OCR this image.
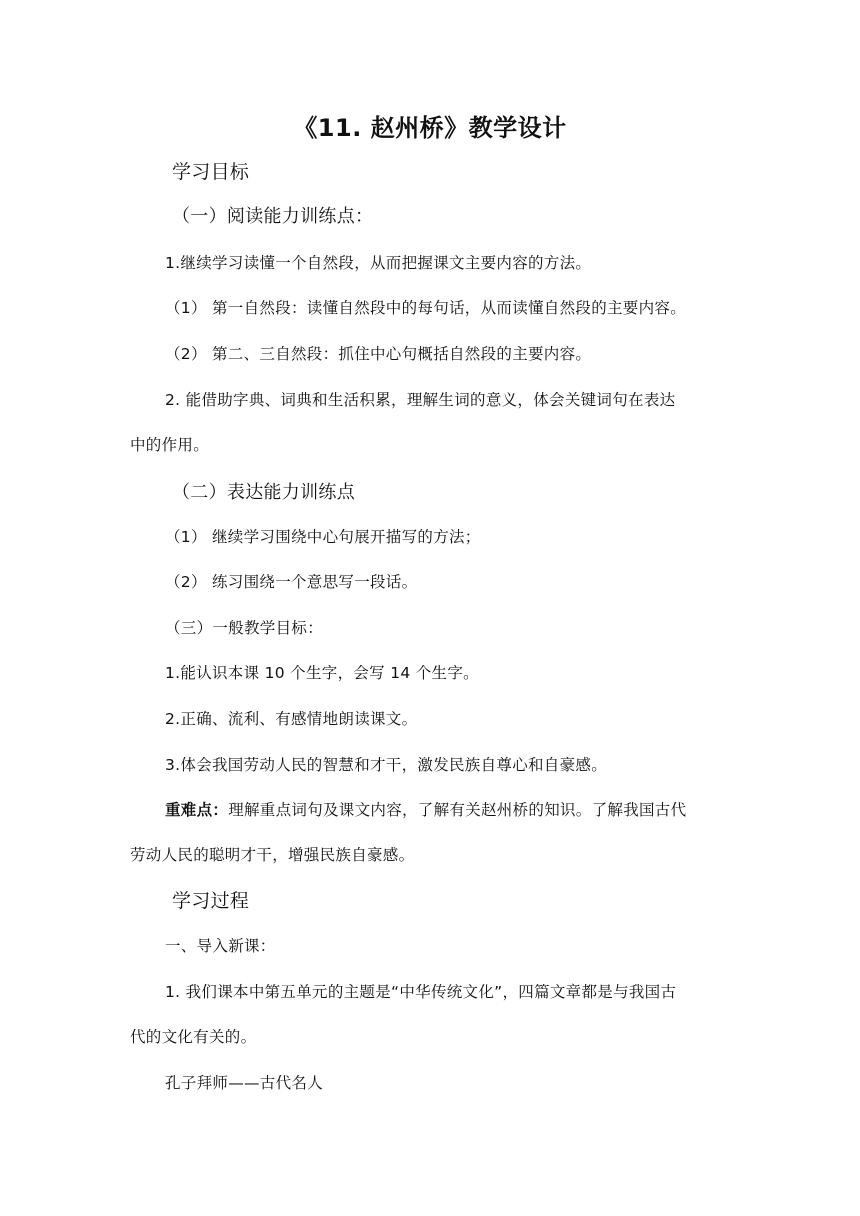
《11. 赵州桥》教学设计
学习目标
（一）阅读能力训练点：
1.继续学习读懂一个自然段，从而把握课文主要内容的方法。
（1） 第一自然段：读懂自然段中的每句话，从而读懂自然段的主要内容。
（2） 第二、三自然段：抓住中心句概括自然段的主要内容。
2. 能借助字典、词典和生活积累，理解生词的意义，体会关键词句在表达
中的作用。
（二）表达能力训练点
（1） 继续学习围绕中心句展开描写的方法；
（2） 练习围绕一个意思写一段话。
（三）一般教学目标：
1.能认识本课 10 个生字，会写 14 个生字。
2.正确、流利、有感情地朗读课文。
3.体会我国劳动人民的智慧和才干，激发民族自尊心和自豪感。
重难点：理解重点词句及课文内容，了解有关赵州桥的知识。了解我国古代
劳动人民的聪明才干，增强民族自豪感。
学习过程
一、导入新课：
1. 我们课本中第五单元的主题是“中华传统文化”，四篇文章都是与我国古
代的文化有关的。
孔子拜师——古代名人
